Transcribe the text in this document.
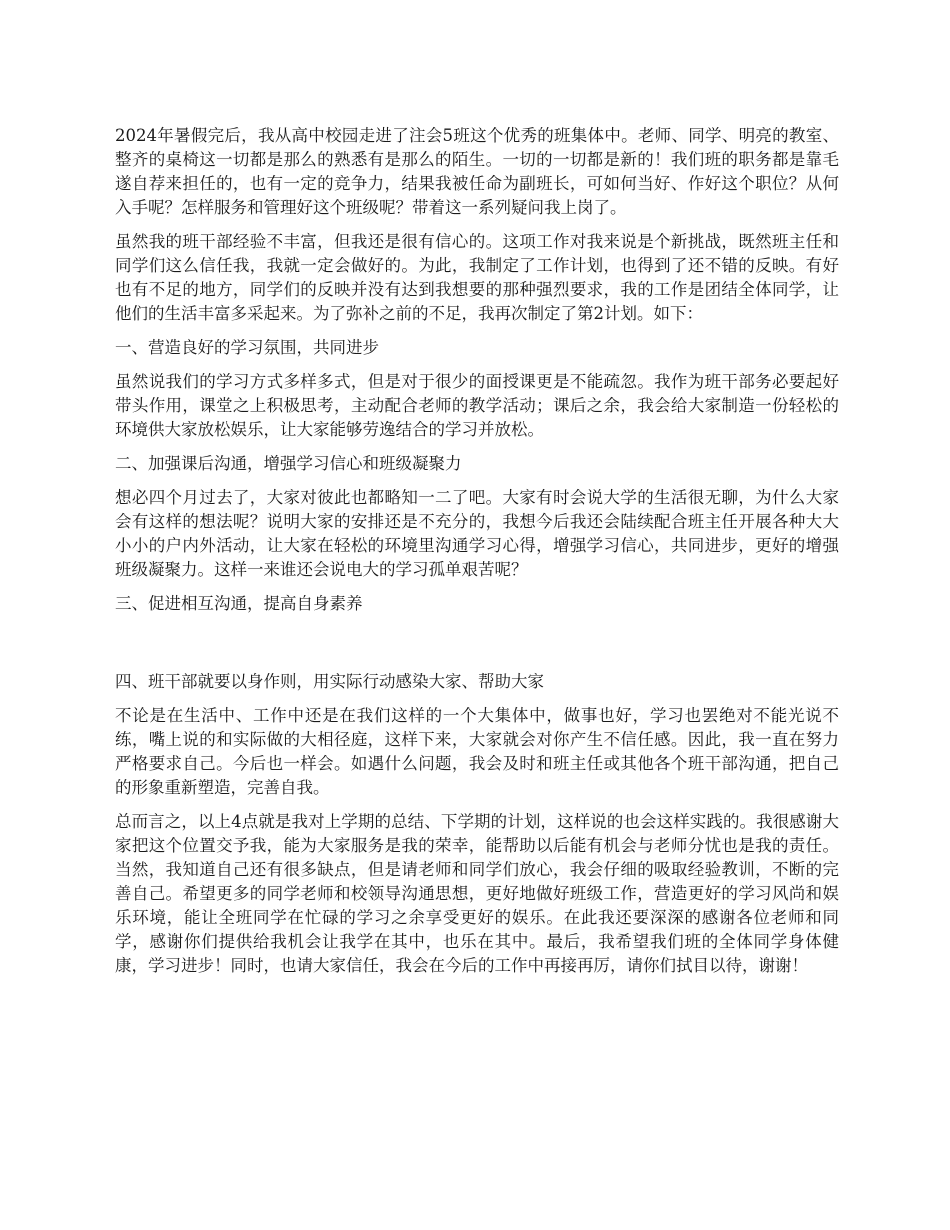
2024年暑假完后，我从高中校园走进了注会5班这个优秀的班集体中。老师、同学、明亮的教室、整齐的桌椅这一切都是那么的熟悉有是那么的陌生。一切的一切都是新的！我们班的职务都是靠毛遂自荐来担任的，也有一定的竞争力，结果我被任命为副班长，可如何当好、作好这个职位？从何入手呢？怎样服务和管理好这个班级呢？带着这一系列疑问我上岗了。

虽然我的班干部经验不丰富，但我还是很有信心的。这项工作对我来说是个新挑战，既然班主任和同学们这么信任我，我就一定会做好的。为此，我制定了工作计划，也得到了还不错的反映。有好也有不足的地方，同学们的反映并没有达到我想要的那种强烈要求，我的工作是团结全体同学，让他们的生活丰富多采起来。为了弥补之前的不足，我再次制定了第2计划。如下：

一、营造良好的学习氛围，共同进步

虽然说我们的学习方式多样多式，但是对于很少的面授课更是不能疏忽。我作为班干部务必要起好带头作用，课堂之上积极思考，主动配合老师的教学活动；课后之余，我会给大家制造一份轻松的环境供大家放松娱乐，让大家能够劳逸结合的学习并放松。

二、加强课后沟通，增强学习信心和班级凝聚力

想必四个月过去了，大家对彼此也都略知一二了吧。大家有时会说大学的生活很无聊，为什么大家会有这样的想法呢？说明大家的安排还是不充分的，我想今后我还会陆续配合班主任开展各种大大小小的户内外活动，让大家在轻松的环境里沟通学习心得，增强学习信心，共同进步，更好的增强班级凝聚力。这样一来谁还会说电大的学习孤单艰苦呢？

三、促进相互沟通，提高自身素养

四、班干部就要以身作则，用实际行动感染大家、帮助大家

不论是在生活中、工作中还是在我们这样的一个大集体中，做事也好，学习也罢绝对不能光说不练，嘴上说的和实际做的大相径庭，这样下来，大家就会对你产生不信任感。因此，我一直在努力严格要求自己。今后也一样会。如遇什么问题，我会及时和班主任或其他各个班干部沟通，把自己的形象重新塑造，完善自我。

总而言之，以上4点就是我对上学期的总结、下学期的计划，这样说的也会这样实践的。我很感谢大家把这个位置交予我，能为大家服务是我的荣幸，能帮助以后能有机会与老师分忧也是我的责任。当然，我知道自己还有很多缺点，但是请老师和同学们放心，我会仔细的吸取经验教训，不断的完善自己。希望更多的同学老师和校领导沟通思想，更好地做好班级工作，营造更好的学习风尚和娱乐环境，能让全班同学在忙碌的学习之余享受更好的娱乐。在此我还要深深的感谢各位老师和同学，感谢你们提供给我机会让我学在其中，也乐在其中。最后，我希望我们班的全体同学身体健康，学习进步！同时，也请大家信任，我会在今后的工作中再接再厉，请你们拭目以待，谢谢！
